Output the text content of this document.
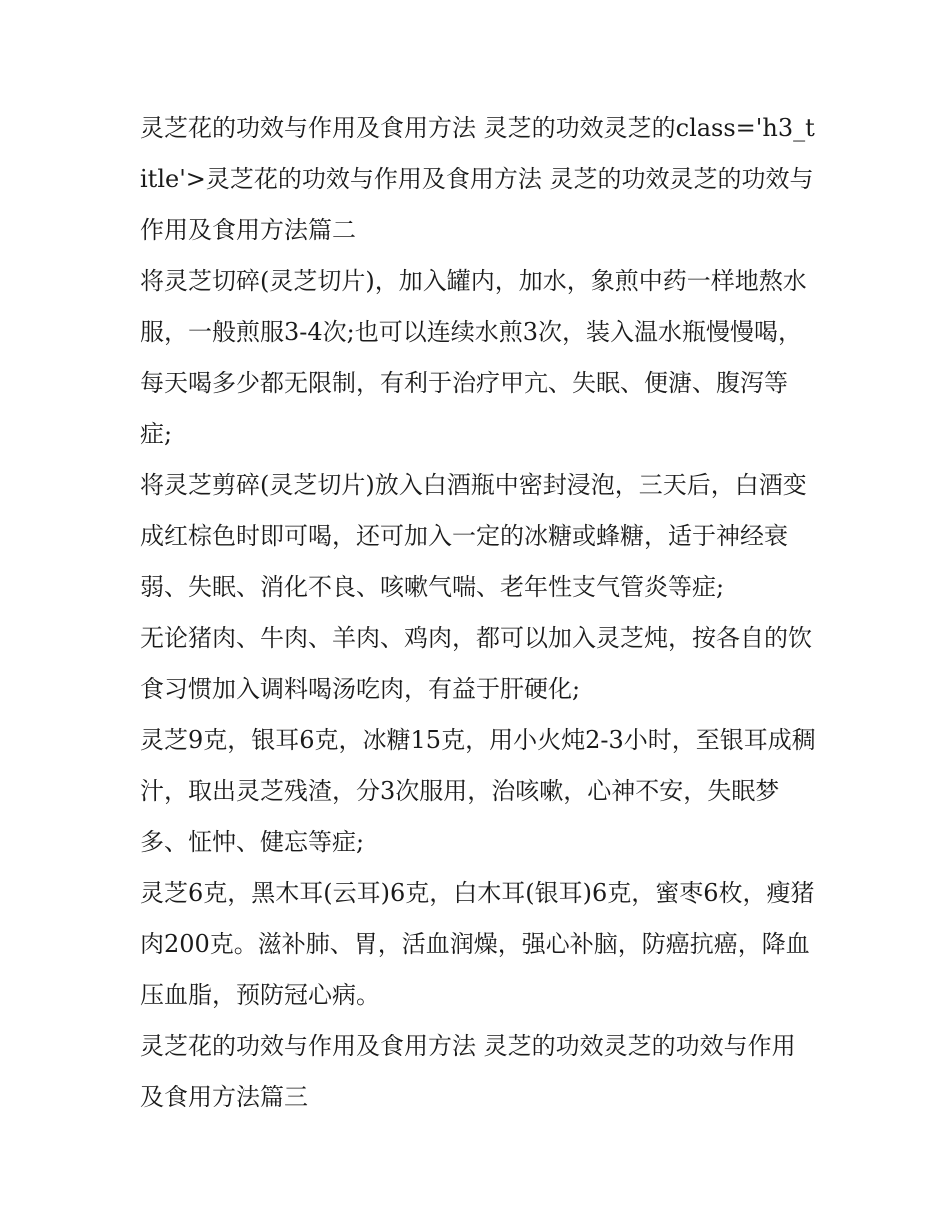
灵芝花的功效与作用及食用方法 灵芝的功效灵芝的class='h3_title'>灵芝花的功效与作用及食用方法 灵芝的功效灵芝的功效与作用及食用方法篇二

将灵芝切碎(灵芝切片)，加入罐内，加水，象煎中药一样地熬水服，一般煎服3-4次;也可以连续水煎3次，装入温水瓶慢慢喝，每天喝多少都无限制，有利于治疗甲亢、失眠、便溏、腹泻等症;

将灵芝剪碎(灵芝切片)放入白酒瓶中密封浸泡，三天后，白酒变成红棕色时即可喝，还可加入一定的冰糖或蜂糖，适于神经衰弱、失眠、消化不良、咳嗽气喘、老年性支气管炎等症;

无论猪肉、牛肉、羊肉、鸡肉，都可以加入灵芝炖，按各自的饮食习惯加入调料喝汤吃肉，有益于肝硬化;

灵芝9克，银耳6克，冰糖15克，用小火炖2-3小时，至银耳成稠汁，取出灵芝残渣，分3次服用，治咳嗽，心神不安，失眠梦多、怔忡、健忘等症;

灵芝6克，黑木耳(云耳)6克，白木耳(银耳)6克，蜜枣6枚，瘦猪肉200克。滋补肺、胃，活血润燥，强心补脑，防癌抗癌，降血压血脂，预防冠心病。

灵芝花的功效与作用及食用方法 灵芝的功效灵芝的功效与作用及食用方法篇三
